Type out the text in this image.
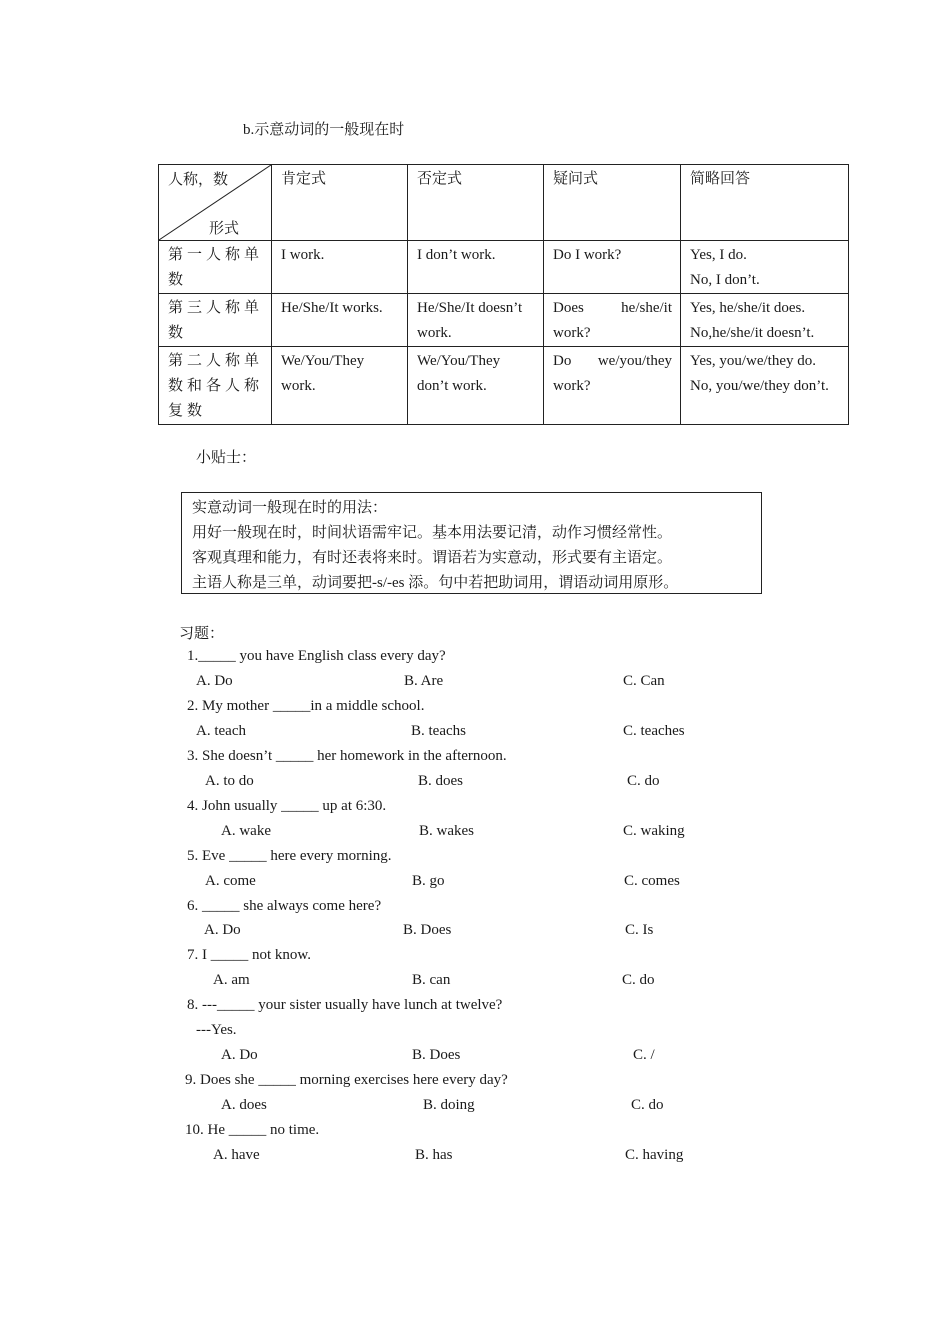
b.示意动词的一般现在时
人称，数
形式	肯定式	否定式	疑问式	简略回答
第一人称单数	I work.	I don’t work.	Do I work?	Yes, I do.
No, I don’t.

第三人称单数	He/She/It works.	He/She/It doesn’t work.	Does he/she/it work?	Yes, he/she/it does.
No,he/she/it doesn’t.

第二人称单数和各人称复数	We/You/They work.	We/You/They don’t work.	Do we/you/they work?	Yes, you/we/they do.
No, you/we/they don’t.
小贴士：
实意动词一般现在时的用法：
用好一般现在时，时间状语需牢记。基本用法要记清，动作习惯经常性。
客观真理和能力，有时还表将来时。谓语若为实意动，形式要有主语定。
主语人称是三单，动词要把-s/-es 添。句中若把助词用，谓语动词用原形。
习题：
1._____ you have English class every day?
A. Do	B. Are	C. Can
2. My mother _____in a middle school.
A. teach	B. teachs	C. teaches
3. She doesn’t _____ her homework in the afternoon.
A. to do	B. does	C. do
4. John usually _____ up at 6:30.
A. wake	B. wakes	C. waking
5. Eve _____ here every morning.
A. come	B. go	C. comes
6. _____ she always come here?
A. Do	B. Does	C. Is
7. I _____ not know.
A. am	B. can	C. do
8. ---_____ your sister usually have lunch at twelve?
---Yes.
A. Do	B. Does	C. /
9. Does she _____ morning exercises here every day?
A. does	B. doing	C. do
10. He _____ no time.
A. have	B. has	C. having
